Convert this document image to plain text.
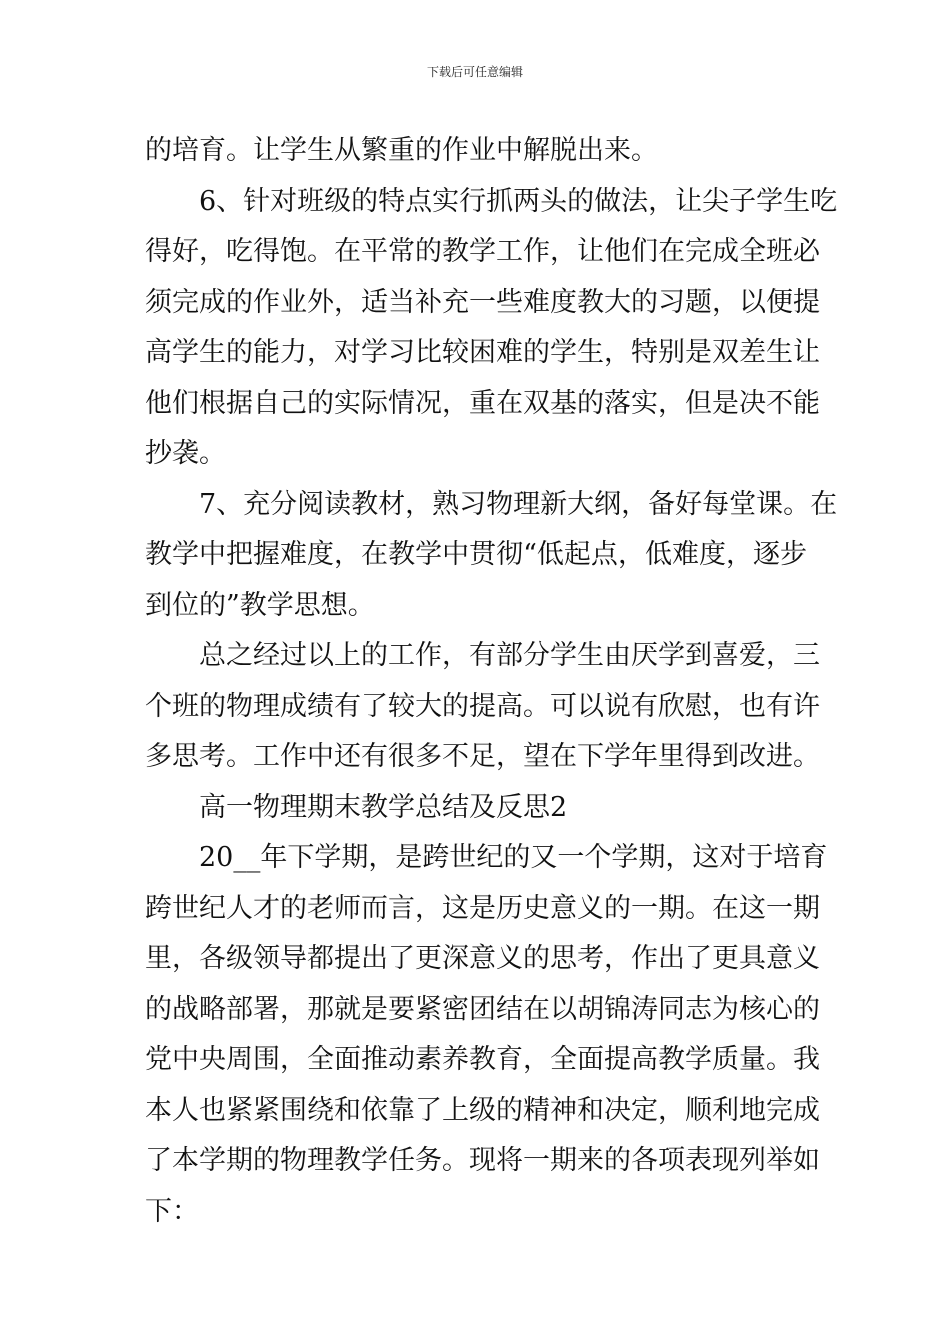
下载后可任意编辑
的培育。让学生从繁重的作业中解脱出来。
6、针对班级的特点实行抓两头的做法，让尖子学生吃
得好，吃得饱。在平常的教学工作，让他们在完成全班必
须完成的作业外，适当补充一些难度教大的习题，以便提
高学生的能力，对学习比较困难的学生，特别是双差生让
他们根据自己的实际情况，重在双基的落实，但是决不能
抄袭。
7、充分阅读教材，熟习物理新大纲，备好每堂课。在
教学中把握难度，在教学中贯彻“低起点，低难度，逐步
到位的”教学思想。
总之经过以上的工作，有部分学生由厌学到喜爱，三
个班的物理成绩有了较大的提高。可以说有欣慰，也有许
多思考。工作中还有很多不足，望在下学年里得到改进。
高一物理期末教学总结及反思2
20__年下学期，是跨世纪的又一个学期，这对于培育
跨世纪人才的老师而言，这是历史意义的一期。在这一期
里，各级领导都提出了更深意义的思考，作出了更具意义
的战略部署，那就是要紧密团结在以胡锦涛同志为核心的
党中央周围，全面推动素养教育，全面提高教学质量。我
本人也紧紧围绕和依靠了上级的精神和决定，顺利地完成
了本学期的物理教学任务。现将一期来的各项表现列举如
下：
